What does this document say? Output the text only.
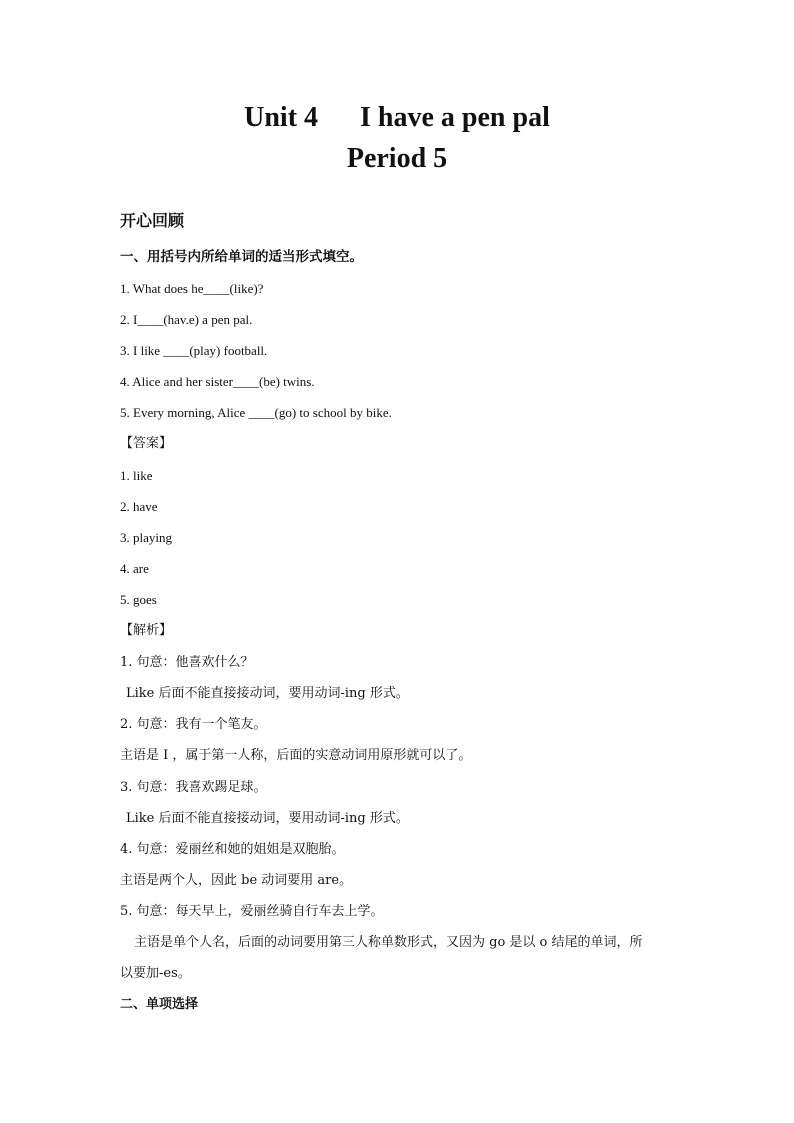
Unit 4 I have a pen pal
Period 5
开心回顾
一、用括号内所给单词的适当形式填空。
1. What does he____(like)?
2. I____(hav.e) a pen pal.
3. I like ____(play) football.
4. Alice and her sister____(be) twins.
5. Every morning, Alice ____(go) to school by bike.
【答案】
1. like
2. have
3. playing
4. are
5. goes
【解析】
1. 句意：他喜欢什么？
Like 后面不能直接接动词，要用动词-ing 形式。
2. 句意：我有一个笔友。
主语是 I ，属于第一人称，后面的实意动词用原形就可以了。
3. 句意：我喜欢踢足球。
Like 后面不能直接接动词，要用动词-ing 形式。
4. 句意：爱丽丝和她的姐姐是双胞胎。
主语是两个人，因此 be 动词要用 are。
5. 句意：每天早上，爱丽丝骑自行车去上学。
主语是单个人名，后面的动词要用第三人称单数形式，又因为 go 是以 o 结尾的单词，所
以要加-es。
二、单项选择
